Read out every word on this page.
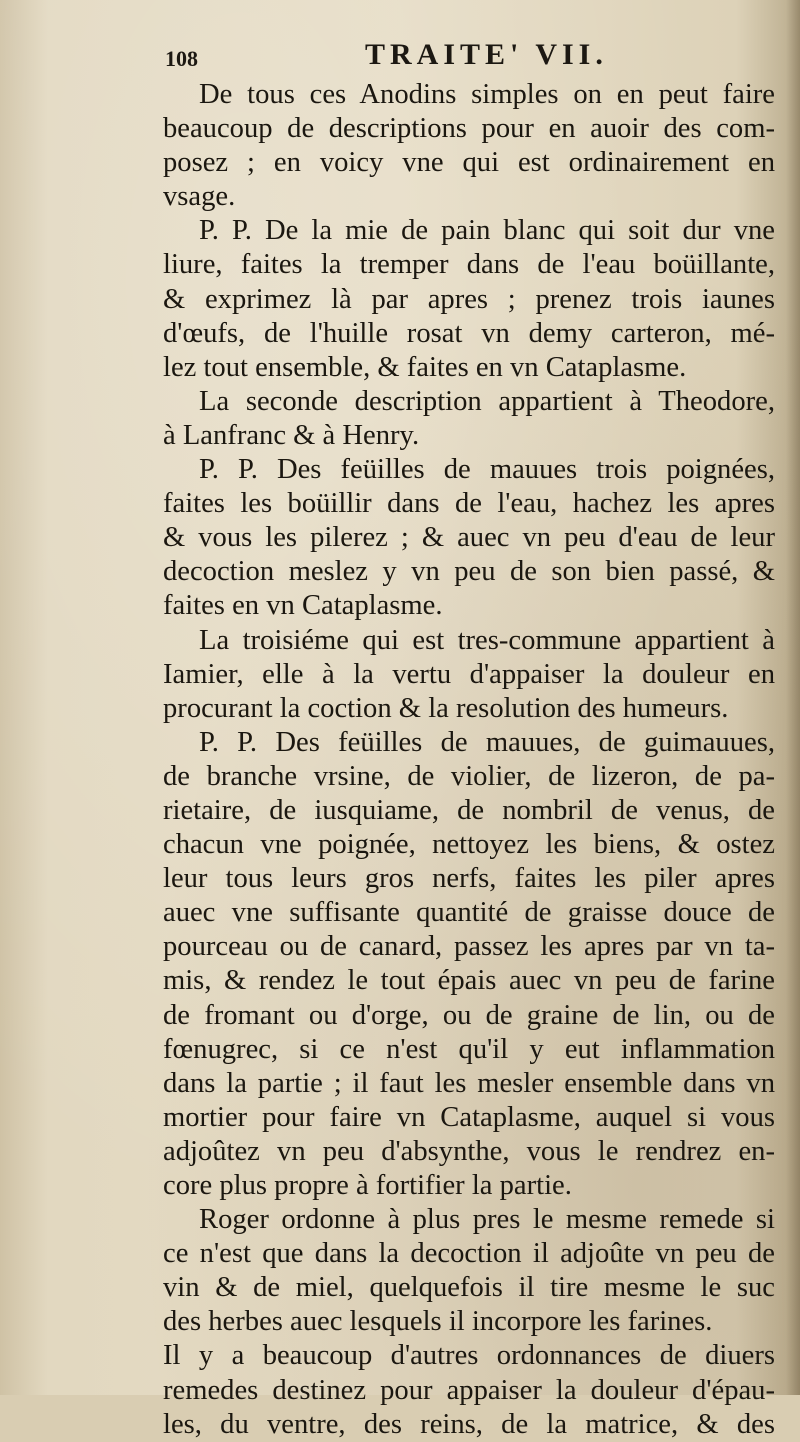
108	TRAITE' VII.
De tous ces Anodins simples on en peut faire
beaucoup de descriptions pour en auoir des com-
posez ; en voicy vne qui est ordinairement en
vsage.
P. P. De la mie de pain blanc qui soit dur vne
liure, faites la tremper dans de l'eau boüillante,
& exprimez là par apres ; prenez trois iaunes
d'œufs, de l'huille rosat vn demy carteron, mé-
lez tout ensemble, & faites en vn Cataplasme.
La seconde description appartient à Theodore,
à Lanfranc & à Henry.
P. P. Des feüilles de mauues trois poignées,
faites les boüillir dans de l'eau, hachez les apres
& vous les pilerez ; & auec vn peu d'eau de leur
decoction meslez y vn peu de son bien passé, &
faites en vn Cataplasme.
La troisiéme qui est tres-commune appartient à
Iamier, elle à la vertu d'appaiser la douleur en
procurant la coction & la resolution des humeurs.
P. P. Des feüilles de mauues, de guimauues,
de branche vrsine, de violier, de lizeron, de pa-
rietaire, de iusquiame, de nombril de venus, de
chacun vne poignée, nettoyez les biens, & ostez
leur tous leurs gros nerfs, faites les piler apres
auec vne suffisante quantité de graisse douce de
pourceau ou de canard, passez les apres par vn ta-
mis, & rendez le tout épais auec vn peu de farine
de fromant ou d'orge, ou de graine de lin, ou de
fœnugrec, si ce n'est qu'il y eut inflammation
dans la partie ; il faut les mesler ensemble dans vn
mortier pour faire vn Cataplasme, auquel si vous
adjoûtez vn peu d'absynthe, vous le rendrez en-
core plus propre à fortifier la partie.
Roger ordonne à plus pres le mesme remede si
ce n'est que dans la decoction il adjoûte vn peu de
vin & de miel, quelquefois il tire mesme le suc
des herbes auec lesquels il incorpore les farines.
Il y a beaucoup d'autres ordonnances de diuers
remedes destinez pour appaiser la douleur d'épau-
les, du ventre, des reins, de la matrice, & des
